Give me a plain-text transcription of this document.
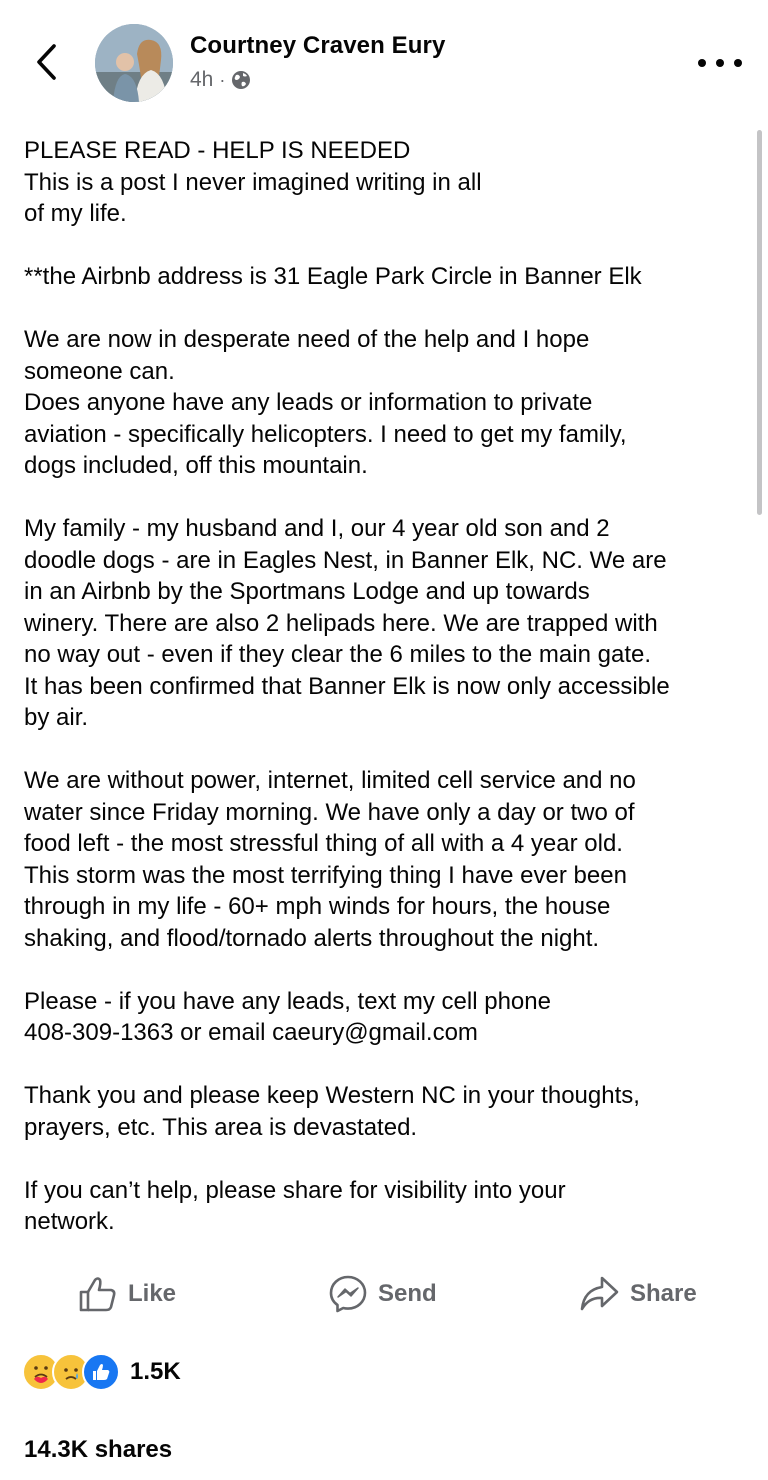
Courtney Craven Eury
4h ·

PLEASE READ - HELP IS NEEDED
This is a post I never imagined writing in all
of my life.

**the Airbnb address is 31 Eagle Park Circle in Banner Elk

We are now in desperate need of the help and I hope
someone can.
Does anyone have any leads or information to private
aviation - specifically helicopters. I need to get my family,
dogs included, off this mountain.

My family - my husband and I, our 4 year old son and 2
doodle dogs - are in Eagles Nest, in Banner Elk, NC. We are
in an Airbnb by the Sportmans Lodge and up towards
winery. There are also 2 helipads here. We are trapped with
no way out - even if they clear the 6 miles to the main gate.
It has been confirmed that Banner Elk is now only accessible
by air.

We are without power, internet, limited cell service and no
water since Friday morning. We have only a day or two of
food left - the most stressful thing of all with a 4 year old.
This storm was the most terrifying thing I have ever been
through in my life - 60+ mph winds for hours, the house
shaking, and flood/tornado alerts throughout the night.

Please - if you have any leads, text my cell phone
408-309-1363 or email caeury@gmail.com

Thank you and please keep Western NC in your thoughts,
prayers, etc. This area is devastated.

If you can’t help, please share for visibility into your
network.

Like	Send	Share
1.5K
14.3K shares
